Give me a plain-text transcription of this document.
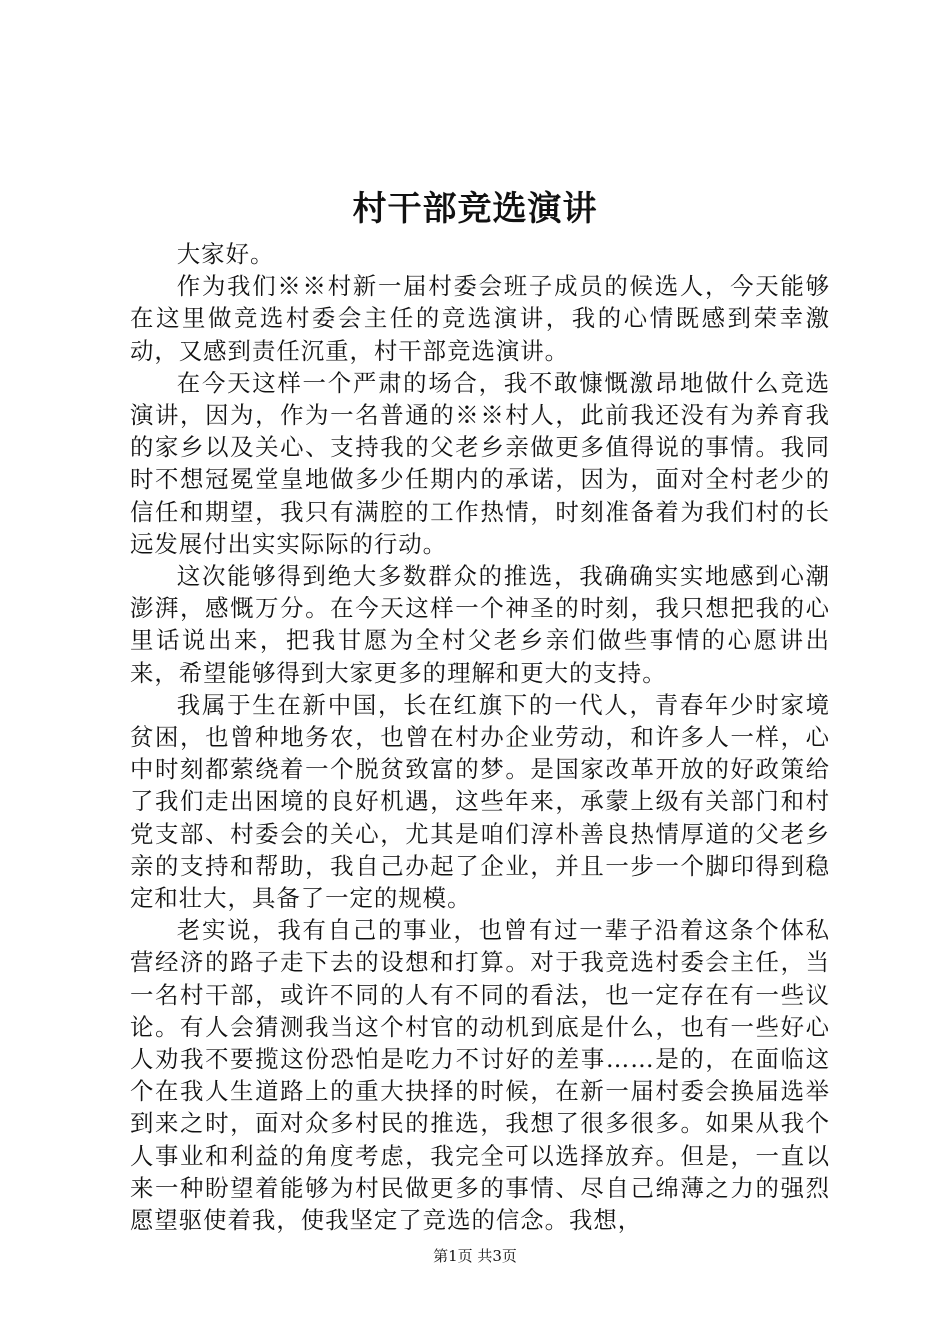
村干部竞选演讲

大家好。

作为我们※※村新一届村委会班子成员的候选人，今天能够在这里做竞选村委会主任的竞选演讲，我的心情既感到荣幸激动，又感到责任沉重，村干部竞选演讲。

在今天这样一个严肃的场合，我不敢慷慨激昂地做什么竞选演讲，因为，作为一名普通的※※村人，此前我还没有为养育我的家乡以及关心、支持我的父老乡亲做更多值得说的事情。我同时不想冠冕堂皇地做多少任期内的承诺，因为，面对全村老少的信任和期望，我只有满腔的工作热情，时刻准备着为我们村的长远发展付出实实际际的行动。

这次能够得到绝大多数群众的推选，我确确实实地感到心潮澎湃，感慨万分。在今天这样一个神圣的时刻，我只想把我的心里话说出来，把我甘愿为全村父老乡亲们做些事情的心愿讲出来，希望能够得到大家更多的理解和更大的支持。

我属于生在新中国，长在红旗下的一代人，青春年少时家境贫困，也曾种地务农，也曾在村办企业劳动，和许多人一样，心中时刻都萦绕着一个脱贫致富的梦。是国家改革开放的好政策给了我们走出困境的良好机遇，这些年来，承蒙上级有关部门和村党支部、村委会的关心，尤其是咱们淳朴善良热情厚道的父老乡亲的支持和帮助，我自己办起了企业，并且一步一个脚印得到稳定和壮大，具备了一定的规模。

老实说，我有自己的事业，也曾有过一辈子沿着这条个体私营经济的路子走下去的设想和打算。对于我竞选村委会主任，当一名村干部，或许不同的人有不同的看法，也一定存在有一些议论。有人会猜测我当这个村官的动机到底是什么，也有一些好心人劝我不要揽这份恐怕是吃力不讨好的差事……是的，在面临这个在我人生道路上的重大抉择的时候，在新一届村委会换届选举到来之时，面对众多村民的推选，我想了很多很多。如果从我个人事业和利益的角度考虑，我完全可以选择放弃。但是，一直以来一种盼望着能够为村民做更多的事情、尽自己绵薄之力的强烈愿望驱使着我，使我坚定了竞选的信念。我想，

第1页 共3页
